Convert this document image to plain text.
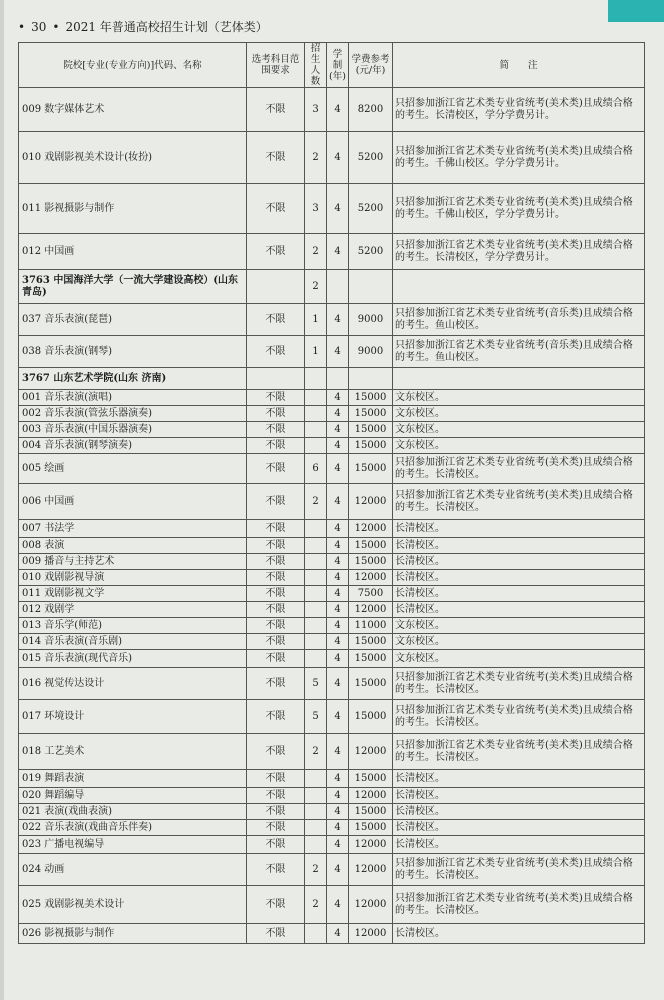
• 30 • 2021 年普通高校招生计划（艺体类）
院校[专业(专业方向)]代码、名称	选考科目范围要求	招生人数	学制(年)	学费参考(元/年)	简　　注
009 数字媒体艺术	不限	3	4	8200	只招参加浙江省艺术类专业省统考(美术类)且成绩合格的考生。长清校区，学分学费另计。
010 戏剧影视美术设计(妆扮)	不限	2	4	5200	只招参加浙江省艺术类专业省统考(美术类)且成绩合格的考生。千佛山校区。学分学费另计。
011 影视摄影与制作	不限	3	4	5200	只招参加浙江省艺术类专业省统考(美术类)且成绩合格的考生。千佛山校区，学分学费另计。
012 中国画	不限	2	4	5200	只招参加浙江省艺术类专业省统考(美术类)且成绩合格的考生。长清校区，学分学费另计。
3763 中国海洋大学（一流大学建设高校）(山东 青岛)		2			
037 音乐表演(琵琶)	不限	1	4	9000	只招参加浙江省艺术类专业省统考(音乐类)且成绩合格的考生。鱼山校区。
038 音乐表演(钢琴)	不限	1	4	9000	只招参加浙江省艺术类专业省统考(音乐类)且成绩合格的考生。鱼山校区。
3767 山东艺术学院(山东 济南)					
001 音乐表演(演唱)	不限		4	15000	文东校区。
002 音乐表演(管弦乐器演奏)	不限		4	15000	文东校区。
003 音乐表演(中国乐器演奏)	不限		4	15000	文东校区。
004 音乐表演(钢琴演奏)	不限		4	15000	文东校区。
005 绘画	不限	6	4	15000	只招参加浙江省艺术类专业省统考(美术类)且成绩合格的考生。长清校区。
006 中国画	不限	2	4	12000	只招参加浙江省艺术类专业省统考(美术类)且成绩合格的考生。长清校区。
007 书法学	不限		4	12000	长清校区。
008 表演	不限		4	15000	长清校区。
009 播音与主持艺术	不限		4	15000	长清校区。
010 戏剧影视导演	不限		4	12000	长清校区。
011 戏剧影视文学	不限		4	7500	长清校区。
012 戏剧学	不限		4	12000	长清校区。
013 音乐学(师范)	不限		4	11000	文东校区。
014 音乐表演(音乐剧)	不限		4	15000	文东校区。
015 音乐表演(现代音乐)	不限		4	15000	文东校区。
016 视觉传达设计	不限	5	4	15000	只招参加浙江省艺术类专业省统考(美术类)且成绩合格的考生。长清校区。
017 环境设计	不限	5	4	15000	只招参加浙江省艺术类专业省统考(美术类)且成绩合格的考生。长清校区。
018 工艺美术	不限	2	4	12000	只招参加浙江省艺术类专业省统考(美术类)且成绩合格的考生。长清校区。
019 舞蹈表演	不限		4	15000	长清校区。
020 舞蹈编导	不限		4	12000	长清校区。
021 表演(戏曲表演)	不限		4	15000	长清校区。
022 音乐表演(戏曲音乐伴奏)	不限		4	15000	长清校区。
023 广播电视编导	不限		4	12000	长清校区。
024 动画	不限	2	4	12000	只招参加浙江省艺术类专业省统考(美术类)且成绩合格的考生。长清校区。
025 戏剧影视美术设计	不限	2	4	12000	只招参加浙江省艺术类专业省统考(美术类)且成绩合格的考生。长清校区。
026 影视摄影与制作	不限		4	12000	长清校区。
